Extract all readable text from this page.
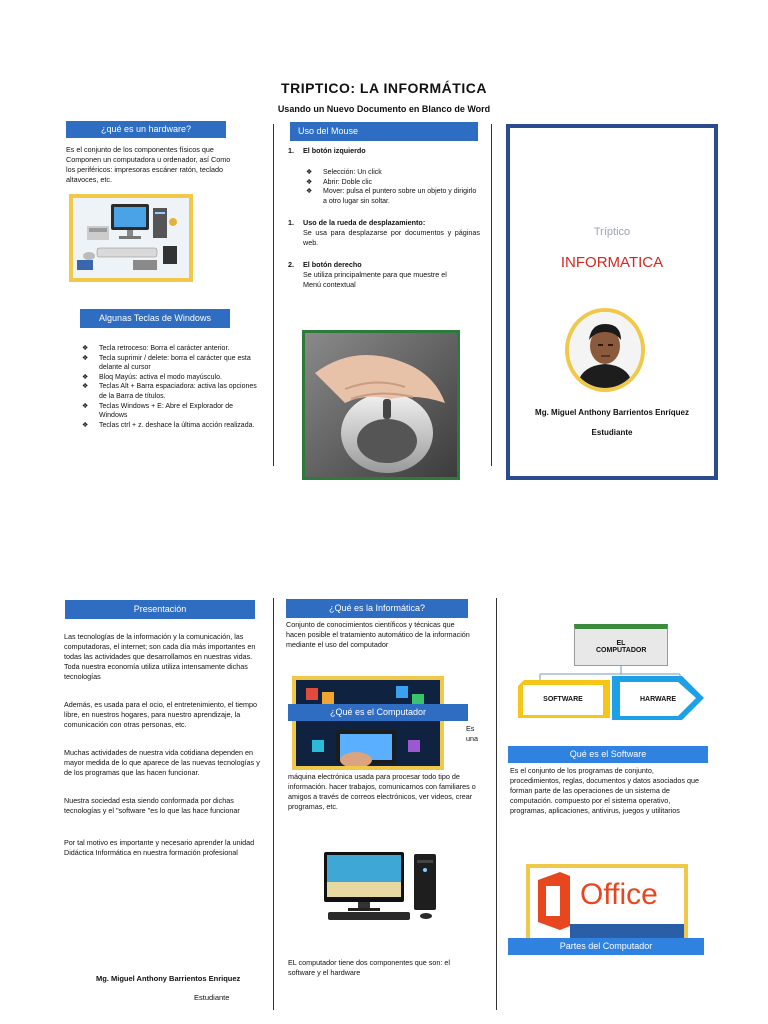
TRIPTICO: LA INFORMÁTICA
Usando un Nuevo Documento en Blanco de Word
¿qué es un hardware?
Es el conjunto de los componentes físicos que Componen un computadora u ordenador, así Como los periféricos: impresoras escáner ratón, teclado altavoces, etc.
Algunas Teclas de Windows
❖ Tecla retroceso: Borra el carácter anterior.
❖ Tecla suprimir / delete: borra el carácter que esta delante al cursor
❖ Bloq Mayús: activa el modo mayúsculo.
❖ Teclas Alt + Barra espaciadora: activa las opciones de la Barra de títulos.
❖ Teclas Windows + E: Abre el Explorador de Windows
❖ Teclas ctrl + z. deshace la última acción realizada.
Uso del Mouse
1. El botón izquierdo
❖ Selección: Un click
❖ Abrir: Doble clic
❖ Mover: pulsa el puntero sobre un objeto y dirigirlo a otro lugar sin soltar.
1. Uso de la rueda de desplazamiento:
Se usa para desplazarse por documentos y páginas web.
2. El botón derecho
Se utiliza principalmente para que muestre el Menú contextual
Tríptico
INFORMATICA
Mg. Miguel Anthony Barrientos Enríquez
Estudiante
Presentación
Las tecnologías de la información y la comunicación, las computadoras, el internet; son cada día más importantes en todas las actividades que desarrollamos en nuestras vidas. Toda nuestra economía utiliza utiliza intensamente dichas tecnologías
Además, es usada para el ocio, el entretenimiento, el tiempo libre, en nuestros hogares, para nuestro aprendizaje, la comunicación con otras personas, etc.
Muchas actividades de nuestra vida cotidiana dependen en mayor medida de lo que aparece de las nuevas tecnologías y de los programas que las hacen funcionar.
Nuestra sociedad esta siendo conformada por dichas tecnologías y el "software "es lo que las hace funcionar
Por tal motivo es importante y necesario aprender la unidad Didáctica Informática en nuestra formación profesional
Mg. Miguel Anthony Barrientos Enriquez
Estudiante
¿Qué es la Informática?
Conjunto de conocimientos científicos y técnicas que hacen posible el tratamiento automático de la información mediante el uso del computador
¿Qué es el Computador
Es
una
máquina electrónica usada para procesar todo tipo de información. hacer trabajos, comunicarnos con familiares o amigos a través de correos electrónicos, ver videos, crear programas, etc.
EL computador tiene dos componentes que son: el software y el hardware
EL COMPUTADOR
SOFTWARE	HARWARE
Qué es el Software
Es el conjunto de los programas de conjunto, procedimientos, reglas, documentos y datos asociados que forman parte de las operaciones de un sistema de computación. compuesto por el sistema operativo, programas, aplicaciones, antivirus, juegos y utilitarios
Office
Partes del Computador
